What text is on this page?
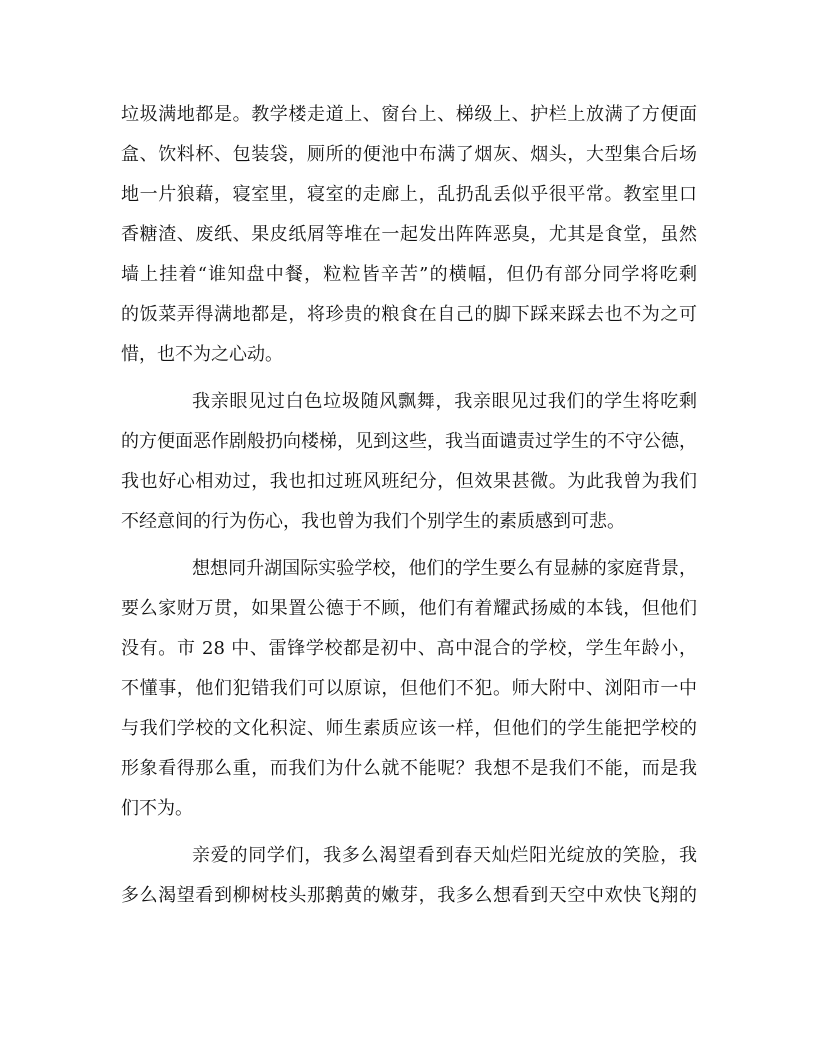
垃圾满地都是。教学楼走道上、窗台上、梯级上、护栏上放满了方便面
盒、饮料杯、包装袋，厕所的便池中布满了烟灰、烟头，大型集合后场
地一片狼藉，寝室里，寝室的走廊上，乱扔乱丢似乎很平常。教室里口
香糖渣、废纸、果皮纸屑等堆在一起发出阵阵恶臭，尤其是食堂，虽然
墙上挂着“谁知盘中餐，粒粒皆辛苦”的横幅，但仍有部分同学将吃剩
的饭菜弄得满地都是，将珍贵的粮食在自己的脚下踩来踩去也不为之可
惜，也不为之心动。
我亲眼见过白色垃圾随风飘舞，我亲眼见过我们的学生将吃剩
的方便面恶作剧般扔向楼梯，见到这些，我当面谴责过学生的不守公德，
我也好心相劝过，我也扣过班风班纪分，但效果甚微。为此我曾为我们
不经意间的行为伤心，我也曾为我们个别学生的素质感到可悲。
想想同升湖国际实验学校，他们的学生要么有显赫的家庭背景，
要么家财万贯，如果置公德于不顾，他们有着耀武扬威的本钱，但他们
没有。市 28 中、雷锋学校都是初中、高中混合的学校，学生年龄小，
不懂事，他们犯错我们可以原谅，但他们不犯。师大附中、浏阳市一中
与我们学校的文化积淀、师生素质应该一样，但他们的学生能把学校的
形象看得那么重，而我们为什么就不能呢？我想不是我们不能，而是我
们不为。
亲爱的同学们，我多么渴望看到春天灿烂阳光绽放的笑脸，我
多么渴望看到柳树枝头那鹅黄的嫩芽，我多么想看到天空中欢快飞翔的
